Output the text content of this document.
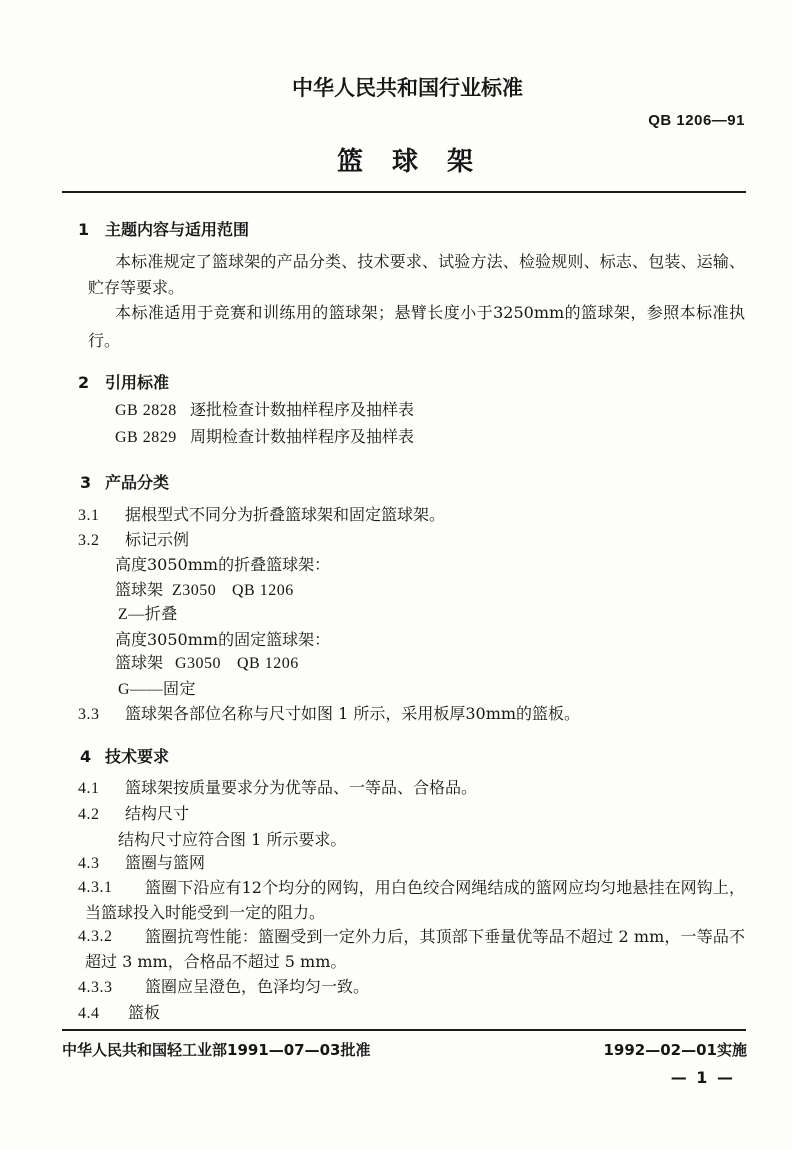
中华人民共和国行业标准
QB 1206—91
篮球架
1 主题内容与适用范围
本标准规定了篮球架的产品分类、技术要求、试验方法、检验规则、标志、包装、运输、
贮存等要求。
本标准适用于竞赛和训练用的篮球架；悬臂长度小于3250mm的篮球架，参照本标准执
行。
2 引用标准
GB 2828 逐批检查计数抽样程序及抽样表
GB 2829 周期检查计数抽样程序及抽样表
3 产品分类
3.1 据根型式不同分为折叠篮球架和固定篮球架。
3.2 标记示例
高度3050mm的折叠篮球架：
篮球架 Z3050 QB 1206
Z—折叠
高度3050mm的固定篮球架：
篮球架 G3050 QB 1206
G——固定
3.3 篮球架各部位名称与尺寸如图 1 所示，采用板厚30mm的篮板。
4 技术要求
4.1 篮球架按质量要求分为优等品、一等品、合格品。
4.2 结构尺寸
结构尺寸应符合图 1 所示要求。
4.3 篮圈与篮网
4.3.1 篮圈下沿应有12个均分的网钩，用白色绞合网绳结成的篮网应均匀地悬挂在网钩上，
当篮球投入时能受到一定的阻力。
4.3.2 篮圈抗弯性能：篮圈受到一定外力后，其顶部下垂量优等品不超过 2 mm，一等品不
超过 3 mm，合格品不超过 5 mm。
4.3.3 篮圈应呈澄色，色泽均匀一致。
4.4 篮板
中华人民共和国轻工业部1991—07—03批准	1992—02—01实施
— 1 —
